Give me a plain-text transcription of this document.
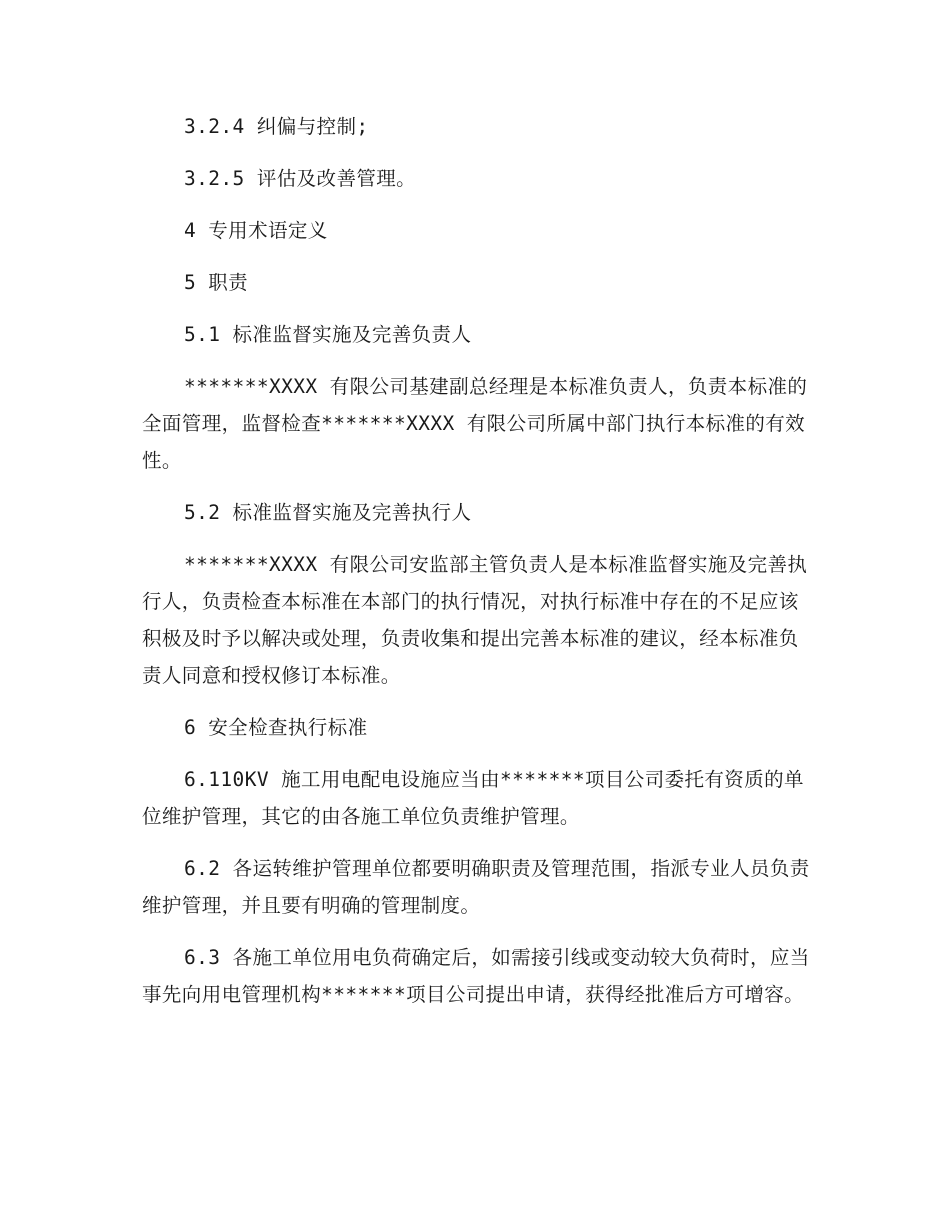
3.2.4 纠偏与控制;

3.2.5 评估及改善管理。

4 专用术语定义

5 职责

5.1 标准监督实施及完善负责人

*******XXXX 有限公司基建副总经理是本标准负责人，负责本标准的全面管理，监督检查*******XXXX 有限公司所属中部门执行本标准的有效性。

5.2 标准监督实施及完善执行人

*******XXXX 有限公司安监部主管负责人是本标准监督实施及完善执行人，负责检查本标准在本部门的执行情况，对执行标准中存在的不足应该积极及时予以解决或处理，负责收集和提出完善本标准的建议，经本标准负责人同意和授权修订本标准。

6 安全检查执行标准

6.110KV 施工用电配电设施应当由*******项目公司委托有资质的单位维护管理，其它的由各施工单位负责维护管理。

6.2 各运转维护管理单位都要明确职责及管理范围，指派专业人员负责维护管理，并且要有明确的管理制度。

6.3 各施工单位用电负荷确定后，如需接引线或变动较大负荷时，应当事先向用电管理机构*******项目公司提出申请，获得经批准后方可增容。
